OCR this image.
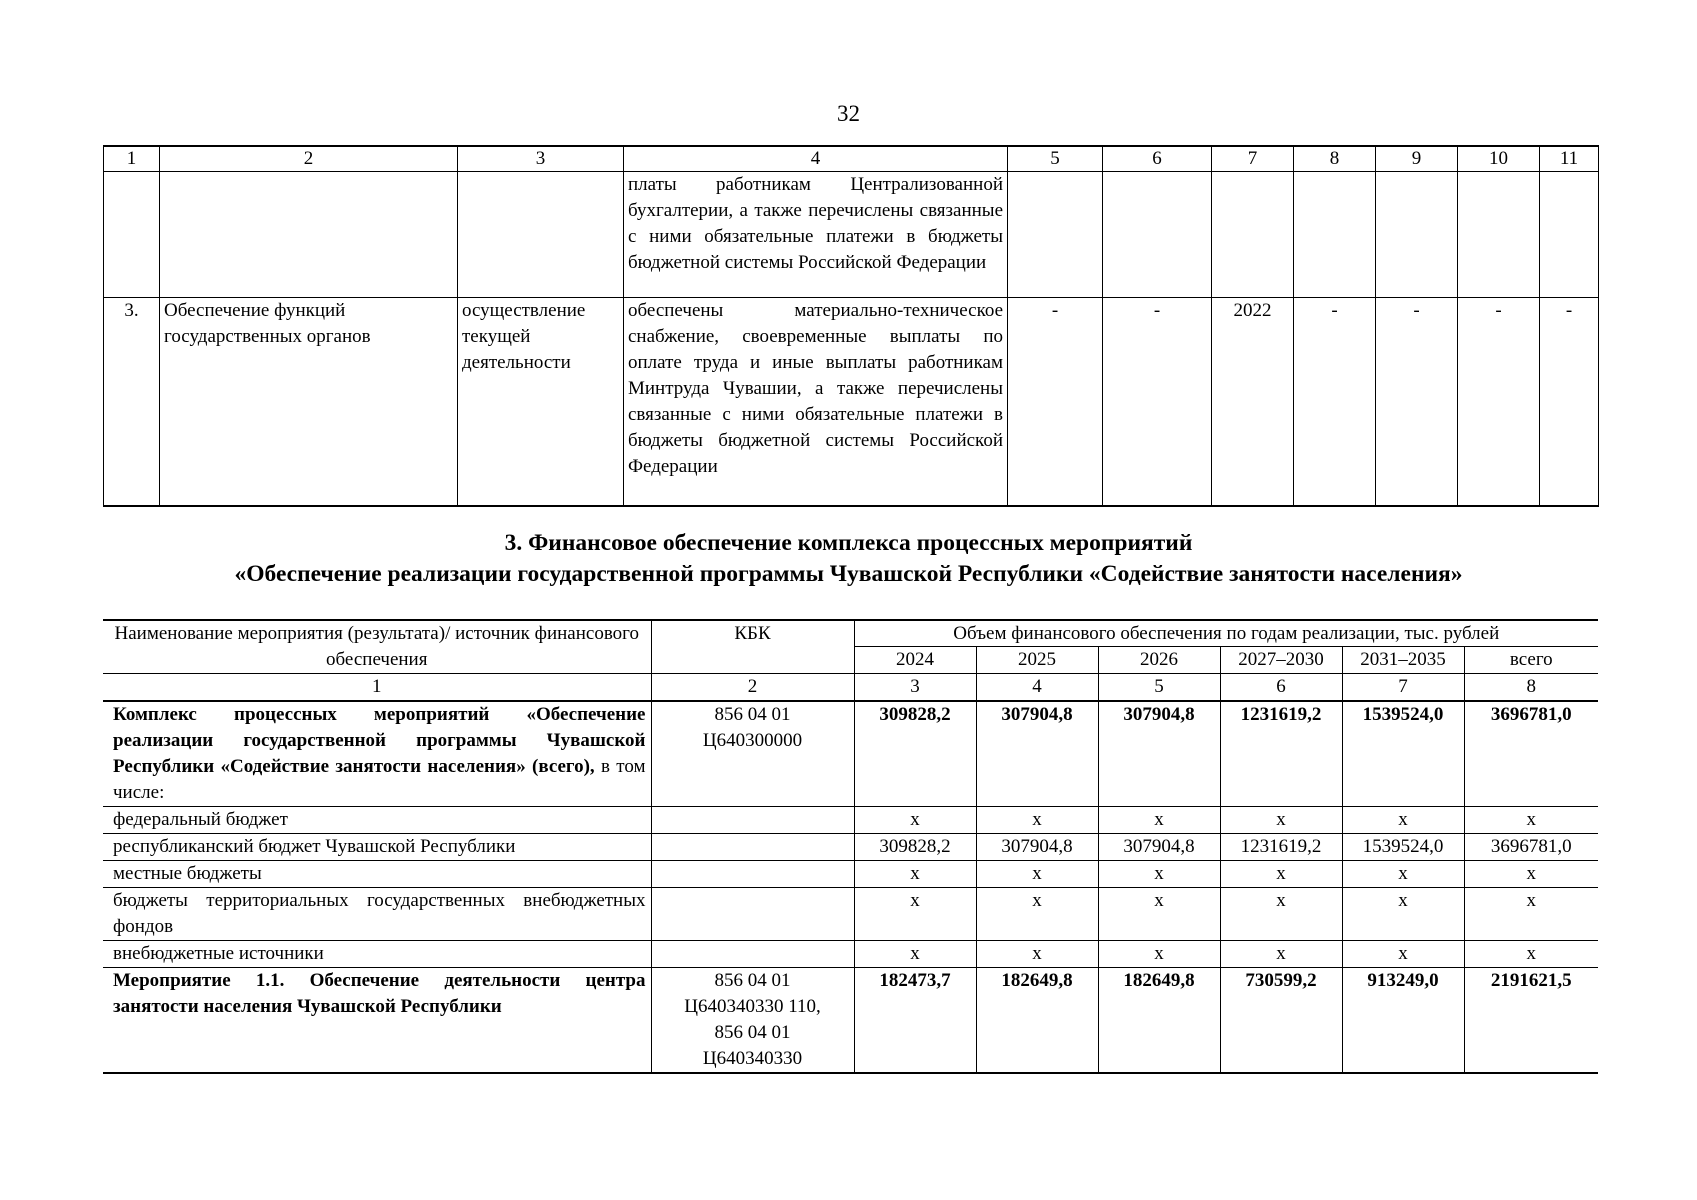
32
1	2	3	4	5	6	7	8	9	10	11
			платы работникам Централизованной бухгалтерии, а также перечислены связанные с ними обязательные платежи в бюджеты бюджетной системы Российской Федерации							
3.	Обеспечение функций государственных органов	осуществление текущей деятельности	обеспечены материально-техническое снабжение, своевременные выплаты по оплате труда и иные выплаты работникам Минтруда Чувашии, а также перечислены связанные с ними обязательные платежи в бюджеты бюджетной системы Российской Федерации	-	-	2022	-	-	-	-
3. Финансовое обеспечение комплекса процессных мероприятий
«Обеспечение реализации государственной программы Чувашской Республики «Содействие занятости населения»
Наименование мероприятия (результата)/ источник финансового обеспечения	КБК	Объем финансового обеспечения по годам реализации, тыс. рублей					
		2024	2025	2026	2027–2030	2031–2035	всего
1	2	3	4	5	6	7	8
Комплекс процессных мероприятий «Обеспечение реализации государственной программы Чувашской Республики «Содействие занятости населения» (всего), в том числе:	856 04 01 Ц640300000	309828,2	307904,8	307904,8	1231619,2	1539524,0	3696781,0
федеральный бюджет		x	x	x	x	x	x
республиканский бюджет Чувашской Республики		309828,2	307904,8	307904,8	1231619,2	1539524,0	3696781,0
местные бюджеты		x	x	x	x	x	x
бюджеты территориальных государственных внебюджетных фондов		x	x	x	x	x	x
внебюджетные источники		x	x	x	x	x	x
Мероприятие 1.1. Обеспечение деятельности центра занятости населения Чувашской Республики	856 04 01 Ц640340330 110, 856 04 01 Ц640340330	182473,7	182649,8	182649,8	730599,2	913249,0	2191621,5
